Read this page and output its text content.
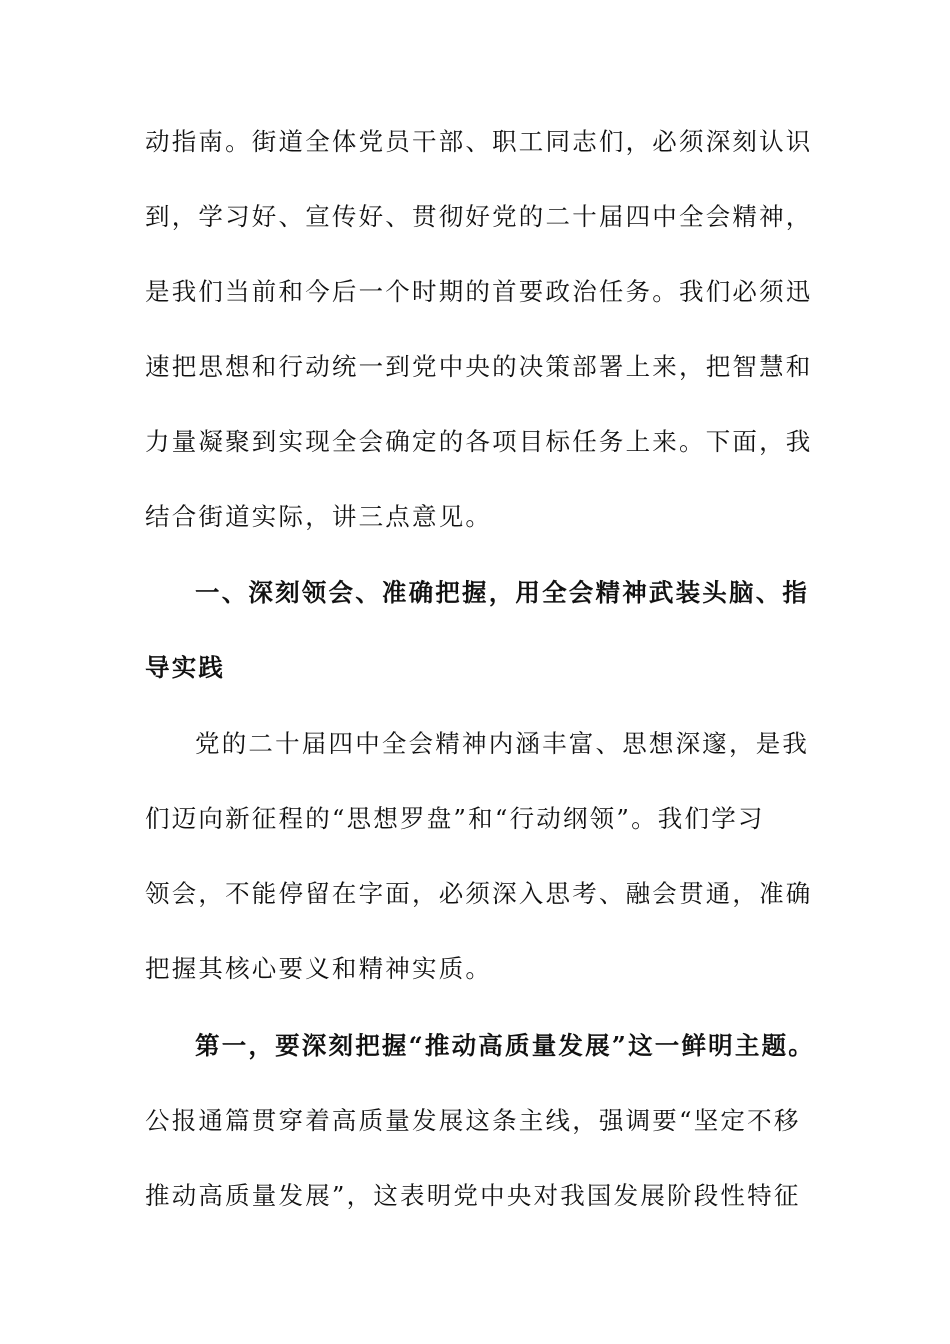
动指南。街道全体党员干部、职工同志们，必须深刻认识
到，学习好、宣传好、贯彻好党的二十届四中全会精神，
是我们当前和今后一个时期的首要政治任务。我们必须迅
速把思想和行动统一到党中央的决策部署上来，把智慧和
力量凝聚到实现全会确定的各项目标任务上来。下面，我
结合街道实际，讲三点意见。
一、深刻领会、准确把握，用全会精神武装头脑、指
导实践
党的二十届四中全会精神内涵丰富、思想深邃，是我
们迈向新征程的“思想罗盘”和“行动纲领”。我们学习
领会，不能停留在字面，必须深入思考、融会贯通，准确
把握其核心要义和精神实质。
第一，要深刻把握“推动高质量发展”这一鲜明主题。
公报通篇贯穿着高质量发展这条主线，强调要“坚定不移
推动高质量发展”，这表明党中央对我国发展阶段性特征
